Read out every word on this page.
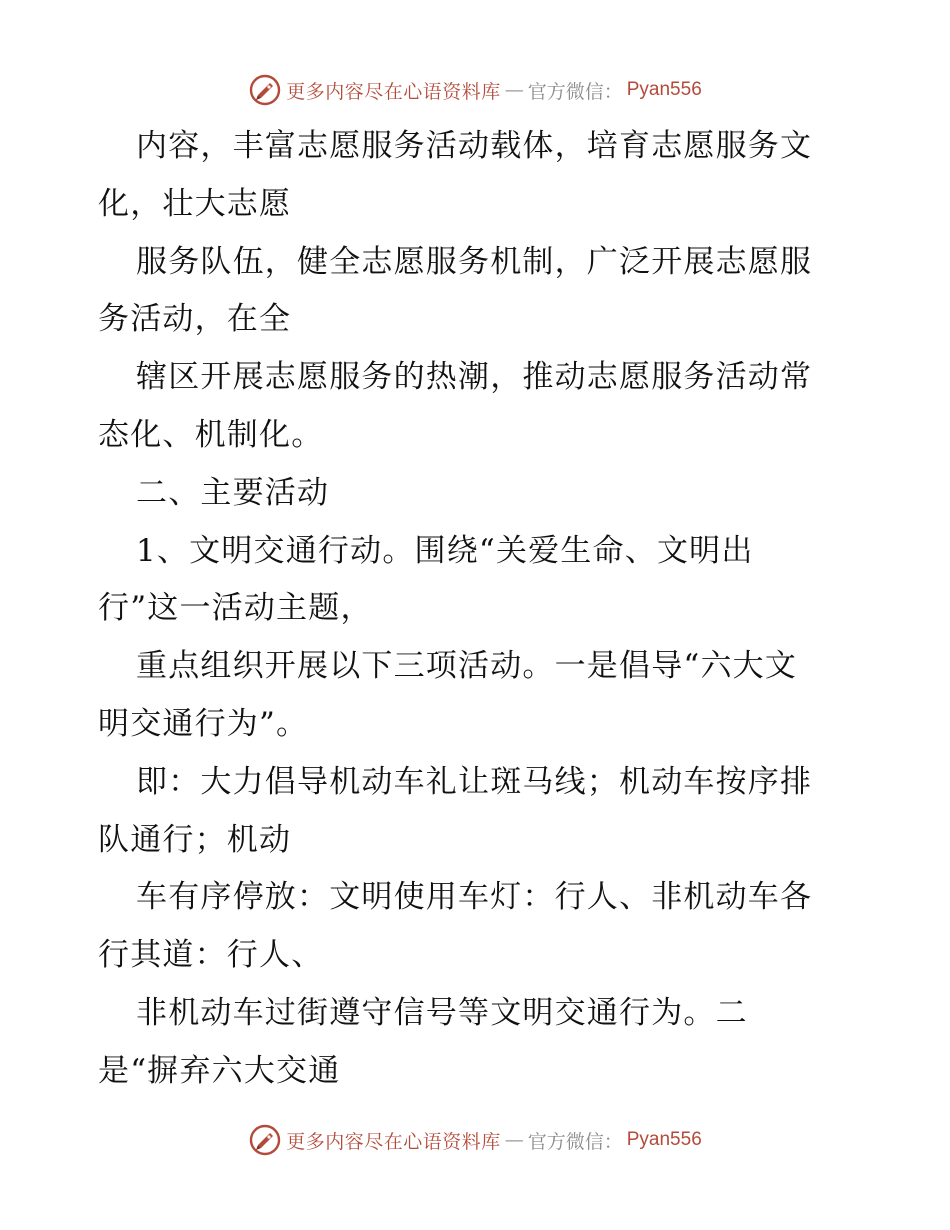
更多内容尽在心语资料库 — 官方微信： Pyan556
内容，丰富志愿服务活动载体，培育志愿服务文
化，壮大志愿
服务队伍，健全志愿服务机制，广泛开展志愿服
务活动，在全
辖区开展志愿服务的热潮，推动志愿服务活动常
态化、机制化。
二、主要活动
1、文明交通行动。围绕“关爱生命、文明出
行”这一活动主题，
重点组织开展以下三项活动。一是倡导“六大文
明交通行为”。
即：大力倡导机动车礼让斑马线；机动车按序排
队通行；机动
车有序停放：文明使用车灯：行人、非机动车各
行其道：行人、
非机动车过街遵守信号等文明交通行为。二
是“摒弃六大交通
更多内容尽在心语资料库 — 官方微信： Pyan556
